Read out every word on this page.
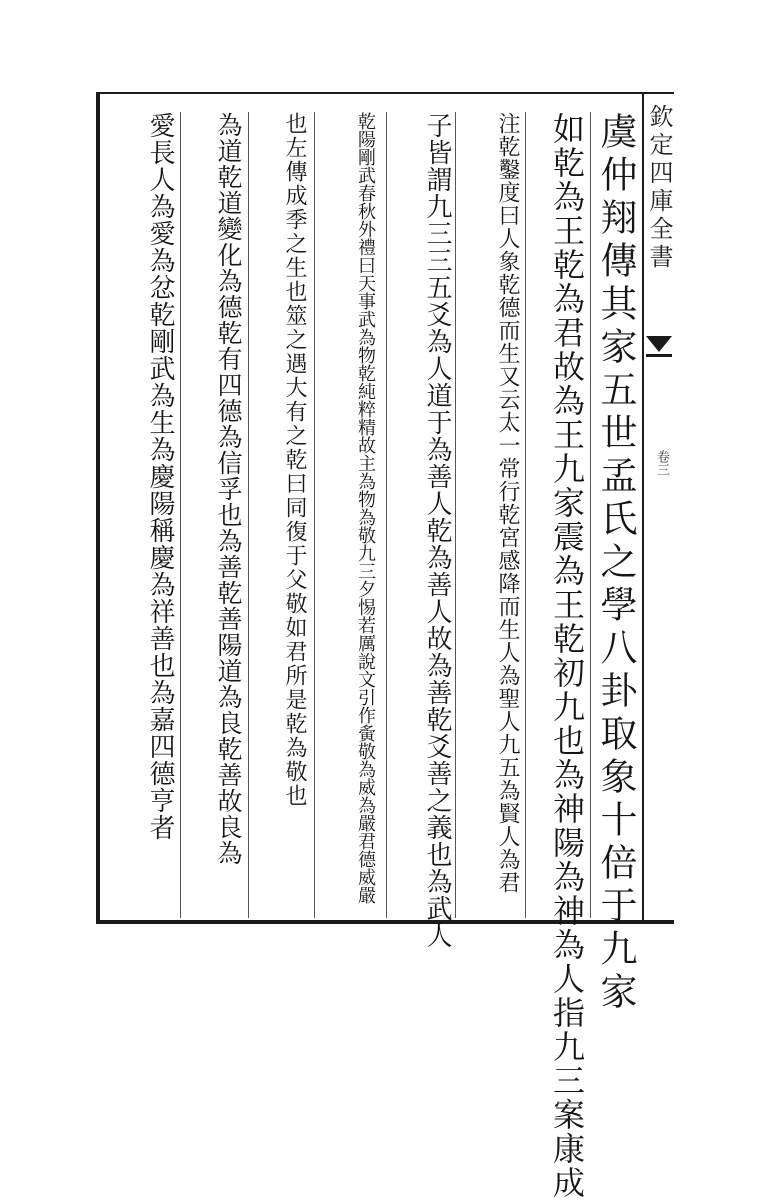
欽定四庫全書
卷三
虞仲翔傳其家五世孟氏之學八卦取象十倍于九家
如乾為王乾為君故為王九家震為王乾初九也為神陽為神為人指九三案康成
注乾鑿度曰人象乾德而生又云太一常行乾宮感降而生人為聖人九五為賢人為君
子皆謂九三三五爻為人道于為善人乾為善人故為善乾爻善之義也為武人
乾陽剛武春秋外禮曰天事武為物乾純粹精故主為物為敬九三夕惕若厲說文引作夤敬為威為嚴君德威嚴
也左傳成季之生也筮之遇大有之乾曰同復于父敬如君所是乾為敬也
為道乾道變化為德乾有四德為信孚也為善乾善陽道為良乾善故良為
愛長人為愛為忿乾剛武為生為慶陽稱慶為祥善也為嘉四德亨者
